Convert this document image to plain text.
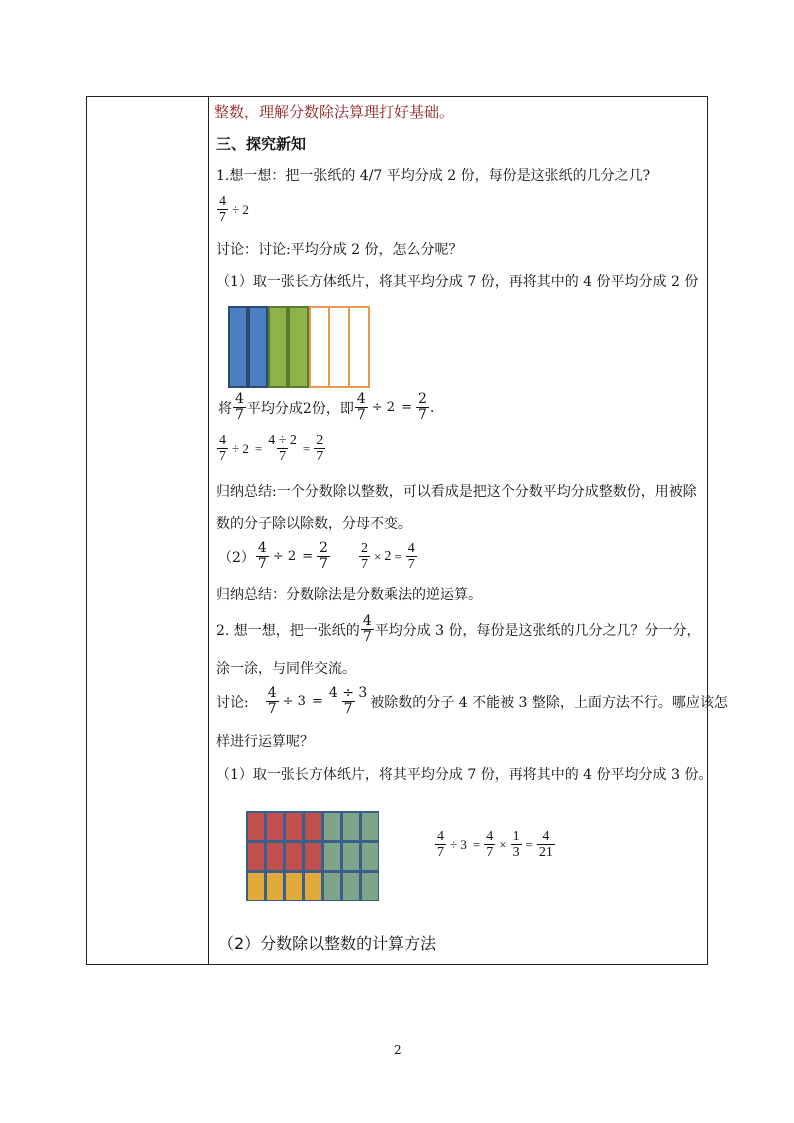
整数，理解分数除法算理打好基础。
三、探究新知
1.想一想：把一张纸的 4/7 平均分成 2 份，每份是这张纸的几分之几?
$\frac{4}{7} \div 2$
讨论：讨论:平均分成 2 份，怎么分呢？
（1）取一张长方体纸片，将其平均分成 7 份，再将其中的 4 份平均分成 2 份
将 $\frac{4}{7}$ 平均分成2份，即 $\frac{4}{7} \div 2 = \frac{2}{7}$ .
$\frac{4}{7} \div 2 = \frac{4 \div 2}{7} = \frac{2}{7}$
归纳总结:一个分数除以整数，可以看成是把这个分数平均分成整数份，用被除
数的分子除以除数，分母不变。
$(2) \frac{4}{7} \div 2 = \frac{2}{7} \frac{2}{7} \times 2 = \frac{4}{7}$
归纳总结：分数除法是分数乘法的逆运算。
2. 想一想，把一张纸的 $\frac{4}{7}$ 平均分成 3 份，每份是这张纸的几分之几？分一分，
涂一涂，与同伴交流。
讨论: $\frac{4}{7} \div 3 = \frac{4 \div 3}{7}$ 被除数的分子 4 不能被 3 整除，上面方法不行。哪应该怎
样进行运算呢？
（1）取一张长方体纸片，将其平均分成 7 份，再将其中的 4 份平均分成 3 份。
$\frac{4}{7} \div 3 = \frac{4}{7} \times \frac{1}{3} = \frac{4}{21}$
（2）分数除以整数的计算方法
2
